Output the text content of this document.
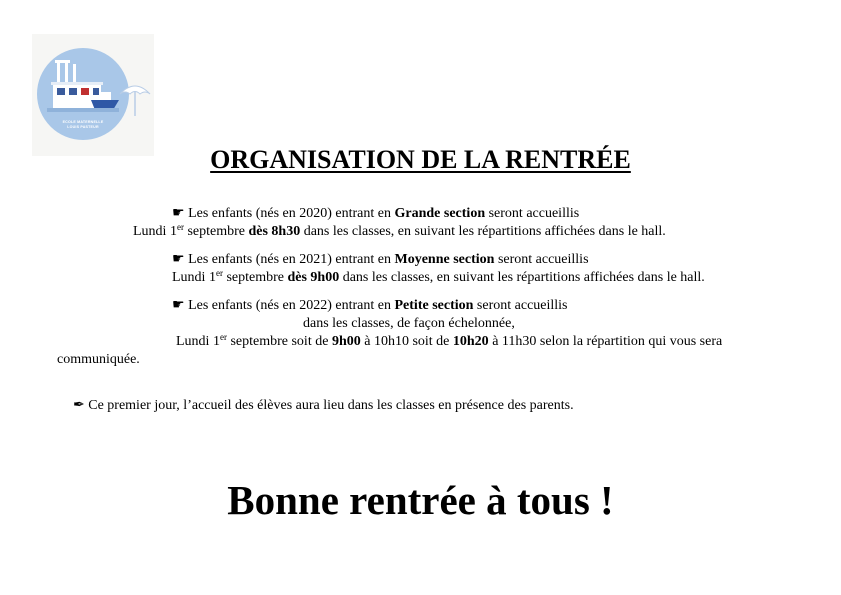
ECOLE MATERNELLE
LOUIS PASTEUR
ORGANISATION DE LA RENTRÉE
☛ Les enfants (nés en 2020) entrant en Grande section seront accueillis
Lundi 1er septembre dès 8h30 dans les classes, en suivant les répartitions affichées dans le hall.
☛ Les enfants (nés en 2021) entrant en Moyenne section seront accueillis
Lundi 1er septembre dès 9h00 dans les classes, en suivant les répartitions affichées dans le hall.
☛ Les enfants (nés en 2022) entrant en Petite section seront accueillis
dans les classes, de façon échelonnée,
Lundi 1er septembre soit de 9h00 à 10h10 soit de 10h20 à 11h30 selon la répartition qui vous sera
communiquée.
✒ Ce premier jour, l’accueil des élèves aura lieu dans les classes en présence des parents.
Bonne rentrée à tous !
